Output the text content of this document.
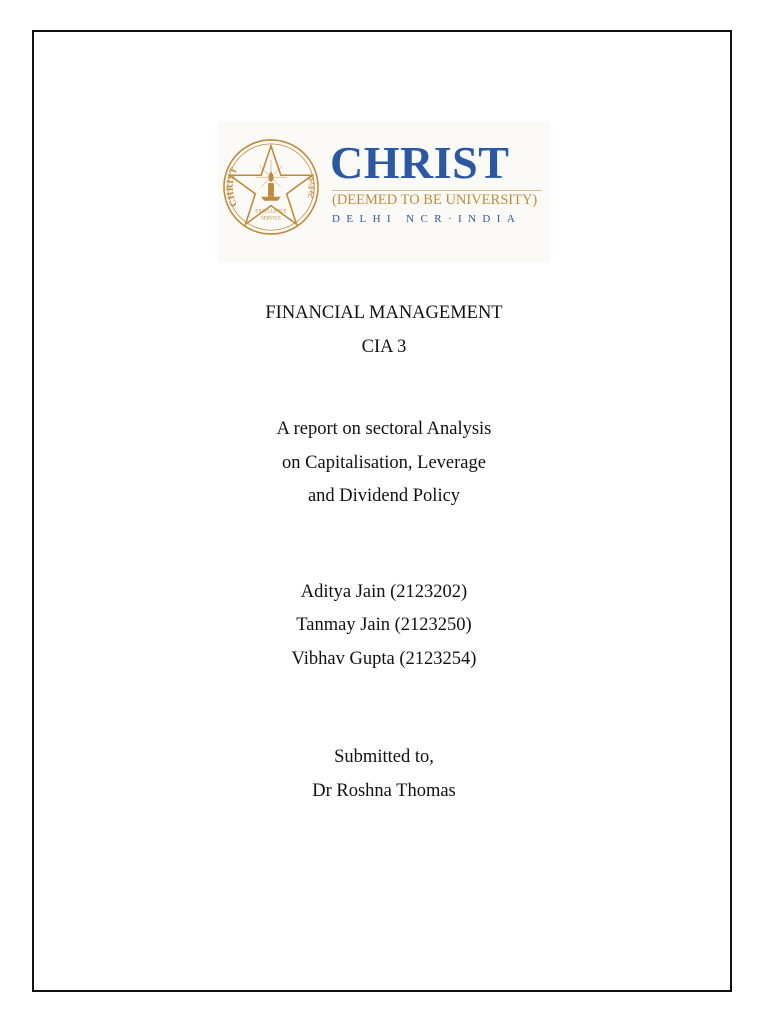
CHRIST
क्राइस्ट
EXCELLENCE
SERVICE
CHRIST
(DEEMED TO BE UNIVERSITY)
DELHI NCR·INDIA
FINANCIAL MANAGEMENT
CIA 3
A report on sectoral Analysis
on Capitalisation, Leverage
and Dividend Policy
Aditya Jain (2123202)
Tanmay Jain (2123250)
Vibhav Gupta (2123254)
Submitted to,
Dr Roshna Thomas
